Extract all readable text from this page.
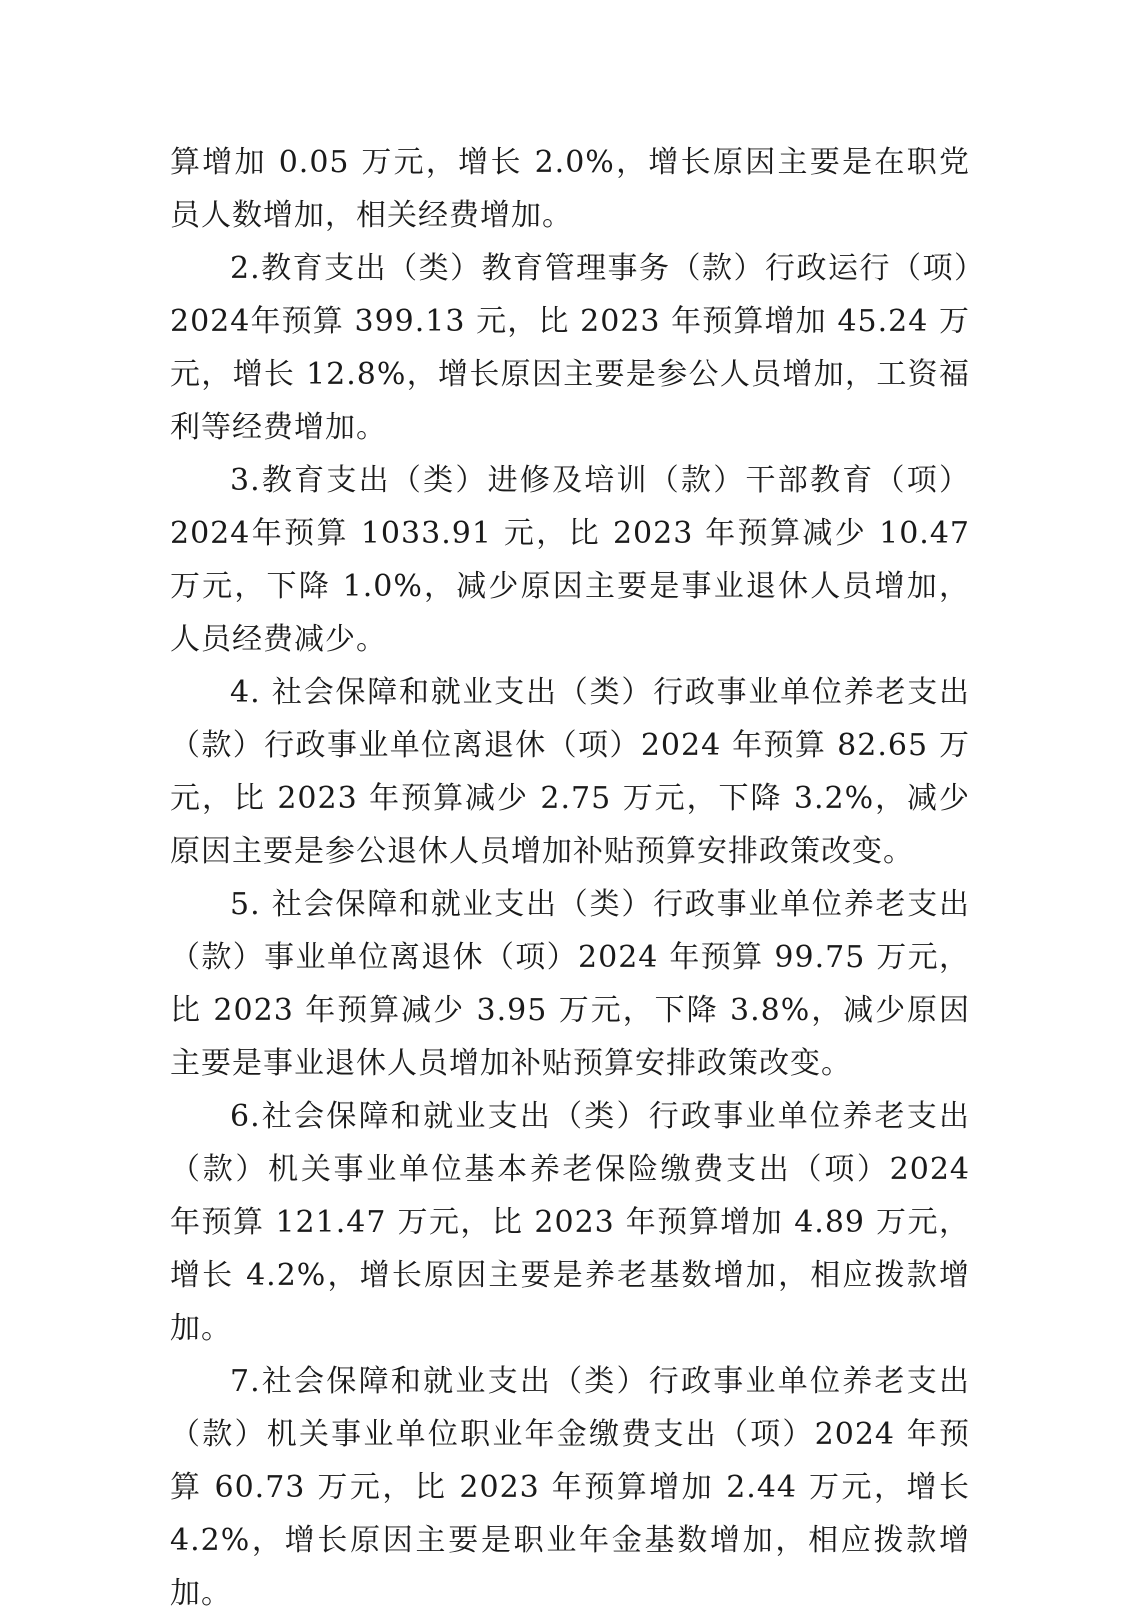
算增加 0.05 万元，增长 2.0%，增长原因主要是在职党员人数增加，相关经费增加。

2.教育支出（类）教育管理事务（款）行政运行（项）2024年预算 399.13 元，比 2023 年预算增加 45.24 万元，增长 12.8%，增长原因主要是参公人员增加，工资福利等经费增加。

3.教育支出（类）进修及培训（款）干部教育（项）2024年预算 1033.91 元，比 2023 年预算减少 10.47 万元，下降 1.0%，减少原因主要是事业退休人员增加，人员经费减少。

4. 社会保障和就业支出（类）行政事业单位养老支出（款）行政事业单位离退休（项）2024 年预算 82.65 万元，比 2023 年预算减少 2.75 万元，下降 3.2%，减少原因主要是参公退休人员增加补贴预算安排政策改变。

5. 社会保障和就业支出（类）行政事业单位养老支出（款）事业单位离退休（项）2024 年预算 99.75 万元，比 2023 年预算减少 3.95 万元，下降 3.8%，减少原因主要是事业退休人员增加补贴预算安排政策改变。

6.社会保障和就业支出（类）行政事业单位养老支出（款）机关事业单位基本养老保险缴费支出（项）2024 年预算 121.47 万元，比 2023 年预算增加 4.89 万元，增长 4.2%，增长原因主要是养老基数增加，相应拨款增加。

7.社会保障和就业支出（类）行政事业单位养老支出（款）机关事业单位职业年金缴费支出（项）2024 年预算 60.73 万元，比 2023 年预算增加 2.44 万元，增长 4.2%，增长原因主要是职业年金基数增加，相应拨款增加。
